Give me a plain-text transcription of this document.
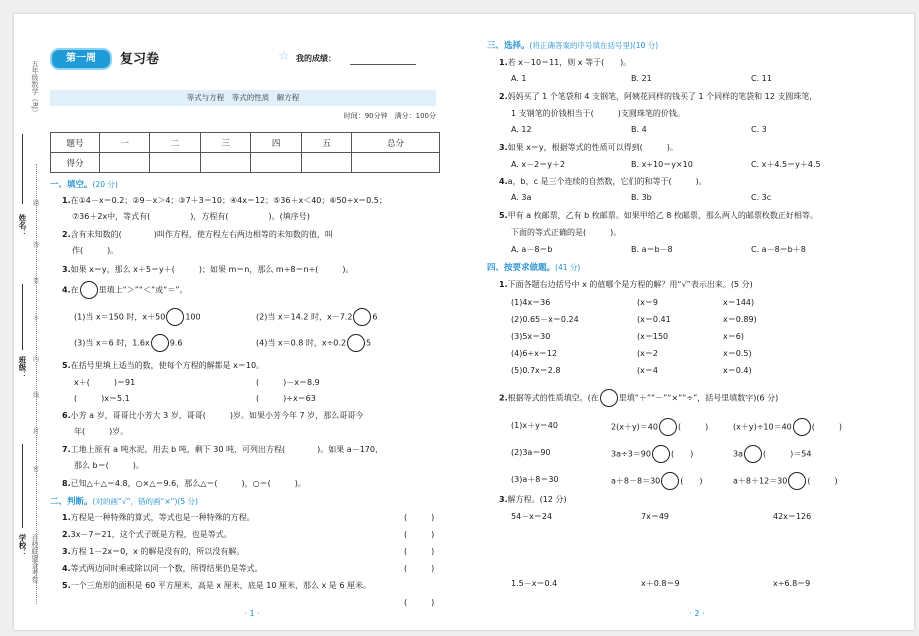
五年级数学（RJ）
百校联盟金考卷
姓名：
班级：
学校：
题
答
要
不
内
线
封
密
第一周	复习卷	☆ 我的成绩：
等式与方程　等式的性质　解方程
时间：90分钟　满分：100分
题号	一	二	三	四	五	总分
得分						
一、填空。(20 分)
1.在①4－x＝0.2；②9－x＞4；③7＋3＝10；④4x＝12；⑤36＋x＜40；⑥50÷x＝0.5；
⑦36＋2x中，等式有(　　　　　)，方程有(　　　　　)。(填序号)
2.含有未知数的(　　　　)叫作方程，使方程左右两边相等的未知数的值，叫
作(　　　)。
3.如果 x＝y，那么 x＋5＝y＋(　　　)；如果 m＝n，那么 m÷8＝n÷(　　　)。
4.在	里填上“＞”“＜”或“＝”。
(1)当 x＝150 时，x＋50	100	(2)当 x＝14.2 时，x－7.2	6
(3)当 x＝6 时，1.6x	9.6	(4)当 x＝0.8 时，x÷0.2	5
5.在括号里填上适当的数，使每个方程的解都是 x＝10。
x＋(　　　)＝91	(　　　)－x＝8.9
(　　　)x＝5.1	(　　　)÷x＝63
6.小芳 a 岁，哥哥比小芳大 3 岁，哥哥(　　　)岁。如果小芳今年 7 岁，那么哥哥今
年(　　　)岁。
7.工地上原有 a 吨水泥，用去 b 吨，剩下 30 吨，可列出方程(　　　　)。如果 a－170，
那么 b＝(　　　)。
8.已知△＋△＝4.8，○×△＝9.6，那么△＝(　　　)，○＝(　　　)。
二、判断。(对的画“√”，错的画“×”)(5 分)
1.方程是一种特殊的算式，等式也是一种特殊的方程。	(　　　)
2.3x－7＝21，这个式子既是方程，也是等式。	(　　　)
3.方程 1－2x＝0，x 的解是没有的，所以没有解。	(　　　)
4.等式两边同时乘或除以同一个数，所得结果仍是等式。	(　　　)
5.一个三角形的面积是 60 平方厘米，高是 x 厘米，底是 10 厘米，那么 x 是 6 厘米。
(　　　)
· 1 ·
三、选择。(将正确答案的序号填在括号里)(10 分)
1.若 x－10＝11，则 x 等于(　　)。
A. 1	B. 21	C. 11
2.妈妈买了 1 个笔袋和 4 支钢笔，阿姨花同样的钱买了 1 个同样的笔袋和 12 支圆珠笔，
1 支钢笔的价钱相当于(　　　)支圆珠笔的价钱。
A. 12	B. 4	C. 3
3.如果 x＝y，根据等式的性质可以得到(　　　)。
A. x－2＝y＋2	B. x÷10＝y×10	C. x＋4.5＝y＋4.5
4.a，b，c 是三个连续的自然数，它们的和等于(　　　)。
A. 3a	B. 3b	C. 3c
5.甲有 a 枚邮票，乙有 b 枚邮票。如果甲给乙 8 枚邮票，那么两人的邮票枚数正好相等。
下面的等式正确的是(　　　)。
A. a－8＝b	B. a＝b－8	C. a－8＝b＋8
四、按要求做题。(41 分)
1.下面各题右边括号中 x 的值哪个是方程的解？用“√”表示出来。(5 分)
(1)4x＝36	(x＝9	x＝144)
(2)0.65－x＝0.24	(x＝0.41	x＝0.89)
(3)5x＝30	(x＝150	x＝6)
(4)6÷x＝12	(x＝2	x＝0.5)
(5)0.7x＝2.8	(x＝4	x＝0.4)
2.根据等式的性质填空。(在	里填“＋”“－”“×”“÷”，括号里填数字)(6 分)
(1)x＋y＝40	2(x＋y)＝40	(　　　)	(x＋y)÷10＝40	(　　　)
(2)3a＝90	3a÷3＝90	(　　)	3a	(　　　)＝54
(3)a＋8＝30	a＋8－8＝30	(　　)	a＋8＋12＝30	(　　　)
3.解方程。(12 分)
54－x＝24	7x＝49	42x＝126
1.5－x＝0.4	x＋0.8＝9	x÷6.8＝9
· 2 ·
